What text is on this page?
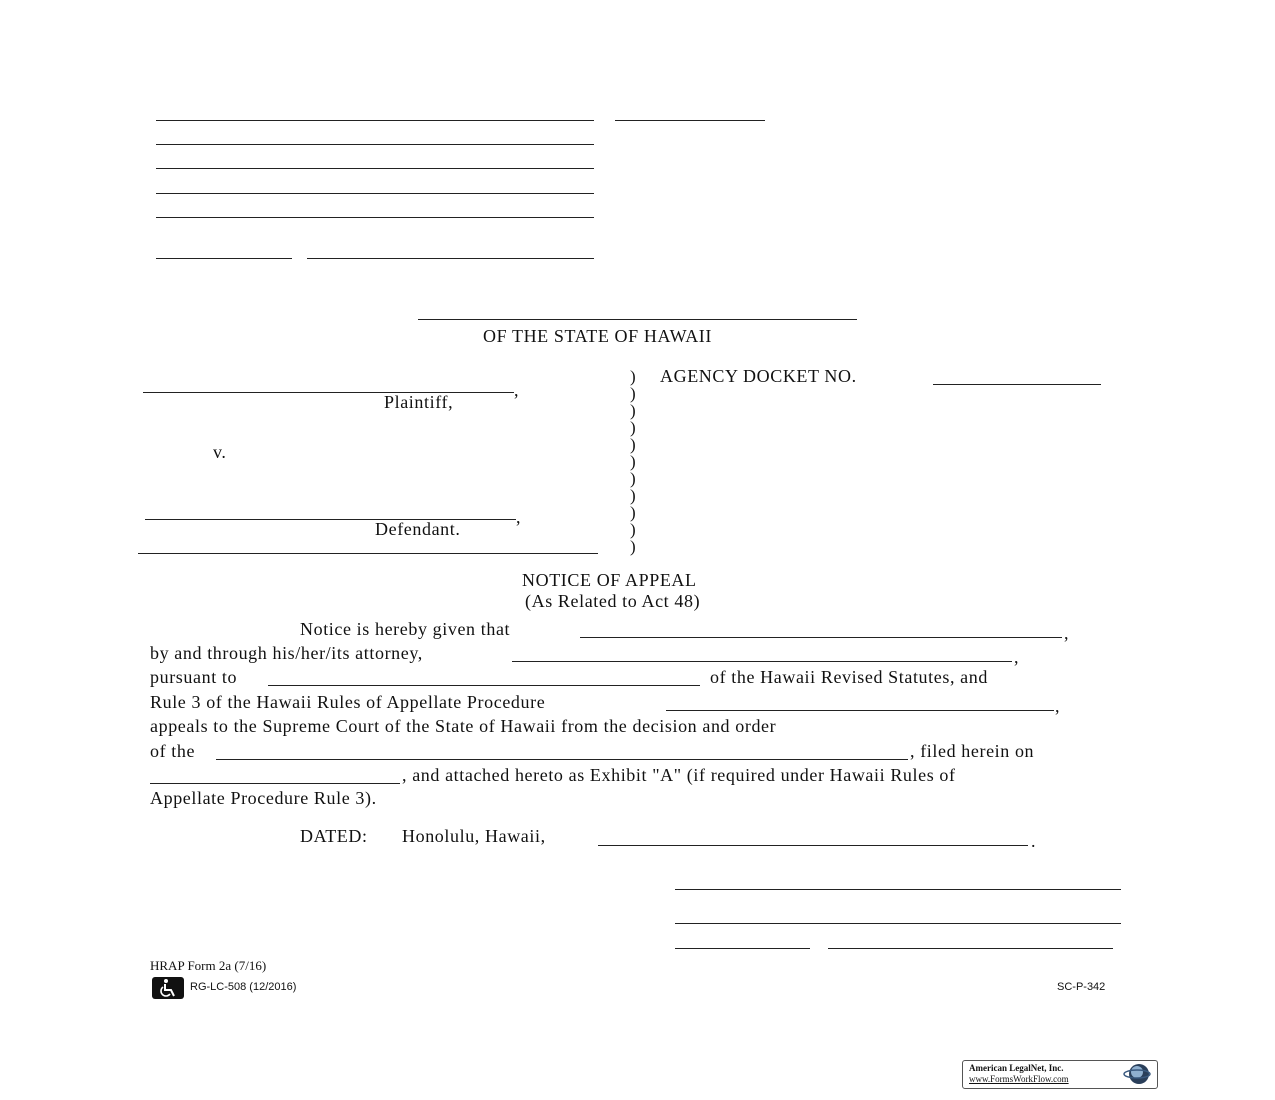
OF THE STATE OF HAWAII
,
Plaintiff,
v.
,
Defendant.
)
)
)
)
)
)
)
)
)
)
)
AGENCY DOCKET NO.
NOTICE OF APPEAL
(As Related to Act 48)
Notice is hereby given that	,
by and through his/her/its attorney,	,
pursuant to	of the Hawaii Revised Statutes, and
Rule 3 of the Hawaii Rules of Appellate Procedure	,
appeals to the Supreme Court of the State of Hawaii from the decision and order
of the	, filed herein on
, and attached hereto as Exhibit "A" (if required under Hawaii Rules of
Appellate Procedure Rule 3).
DATED: Honolulu, Hawaii,	.
HRAP Form 2a (7/16)
RG-LC-508 (12/2016)	SC-P-342
American LegalNet, Inc.
www.FormsWorkFlow.com
